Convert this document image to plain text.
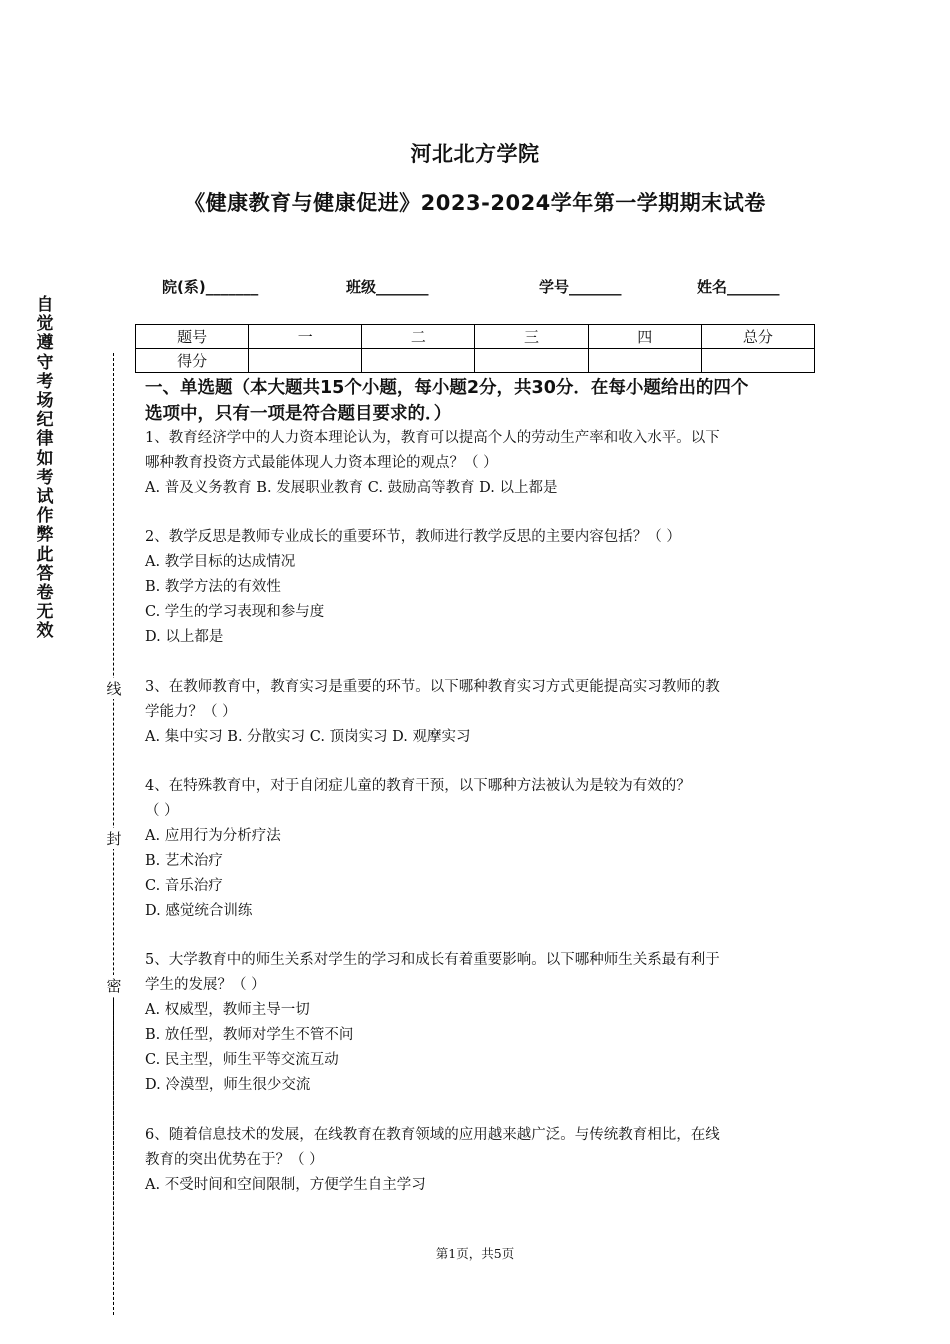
河北北方学院
《健康教育与健康促进》2023-2024学年第一学期期末试卷
院(系)_______	班级_______	学号_______	姓名_______
题号	一	二	三	四	总分
得分					
自觉遵守考场纪律如考试作弊此答卷无效
线
封
密
一、单选题（本大题共15个小题，每小题2分，共30分．在每小题给出的四个
选项中，只有一项是符合题目要求的．）
1、教育经济学中的人力资本理论认为，教育可以提高个人的劳动生产率和收入水平。以下
哪种教育投资方式最能体现人力资本理论的观点？（ ）
A. 普及义务教育 B. 发展职业教育 C. 鼓励高等教育 D. 以上都是
2、教学反思是教师专业成长的重要环节，教师进行教学反思的主要内容包括？（ ）
A. 教学目标的达成情况
B. 教学方法的有效性
C. 学生的学习表现和参与度
D. 以上都是
3、在教师教育中，教育实习是重要的环节。以下哪种教育实习方式更能提高实习教师的教
学能力？（ ）
A. 集中实习 B. 分散实习 C. 顶岗实习 D. 观摩实习
4、在特殊教育中，对于自闭症儿童的教育干预，以下哪种方法被认为是较为有效的？
（ ）
A. 应用行为分析疗法
B. 艺术治疗
C. 音乐治疗
D. 感觉统合训练
5、大学教育中的师生关系对学生的学习和成长有着重要影响。以下哪种师生关系最有利于
学生的发展？（ ）
A. 权威型，教师主导一切
B. 放任型，教师对学生不管不问
C. 民主型，师生平等交流互动
D. 冷漠型，师生很少交流
6、随着信息技术的发展，在线教育在教育领域的应用越来越广泛。与传统教育相比，在线
教育的突出优势在于？（ ）
A. 不受时间和空间限制，方便学生自主学习
第1页，共5页
